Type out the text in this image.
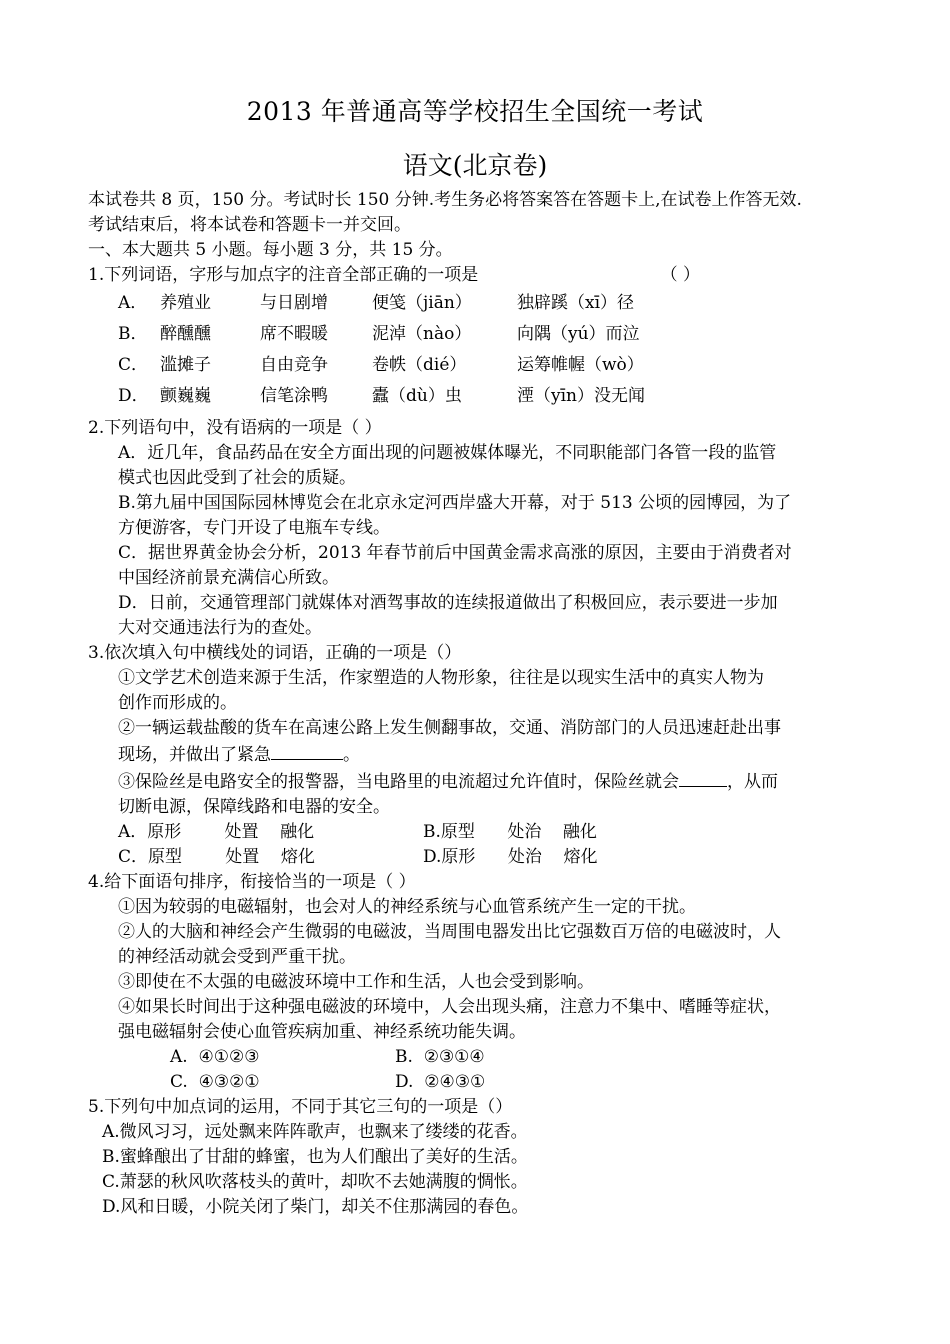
2013 年普通高等学校招生全国统一考试
语文(北京卷)
本试卷共 8 页，150 分。考试时长 150 分钟.考生务必将答案答在答题卡上,在试卷上作答无效.
考试结束后，将本试卷和答题卡一并交回。
一、本大题共 5 小题。每小题 3 分，共 15 分。
1.下列词语，字形与加点字的注音全部正确的一项是	（ ）
A． 养殖业	与日剧增	便笺（jiān）	独辟蹊（xī）径
B． 醉醺醺	席不暇暖	泥淖（nào）	向隅（yú）而泣
C． 滥摊子	自由竞争	卷帙（dié）	运筹帷幄（wò）
D． 颤巍巍	信笔涂鸭	蠹（dù）虫	湮（yīn）没无闻
2.下列语句中，没有语病的一项是（ ）
A．近几年，食品药品在安全方面出现的问题被媒体曝光，不同职能部门各管一段的监管
模式也因此受到了社会的质疑。
B.第九届中国国际园林博览会在北京永定河西岸盛大开幕，对于 513 公顷的园博园，为了
方便游客，专门开设了电瓶车专线。
C．据世界黄金协会分析，2013 年春节前后中国黄金需求高涨的原因，主要由于消费者对
中国经济前景充满信心所致。
D．日前，交通管理部门就媒体对酒驾事故的连续报道做出了积极回应，表示要进一步加
大对交通违法行为的查处。
3.依次填入句中横线处的词语，正确的一项是（）
①文学艺术创造来源于生活，作家塑造的人物形象，往往是以现实生活中的真实人物为
创作而形成的。
②一辆运载盐酸的货车在高速公路上发生侧翻事故，交通、消防部门的人员迅速赶赴出事
现场，并做出了紧急	。
③保险丝是电路安全的报警器，当电路里的电流超过允许值时，保险丝就会	，从而
切断电源，保障线路和电器的安全。
A．原形        处置    融化	B.原型      处治    融化
C．原型        处置    熔化	D.原形      处治    熔化
4.给下面语句排序，衔接恰当的一项是（ ）
①因为较弱的电磁辐射，也会对人的神经系统与心血管系统产生一定的干扰。
②人的大脑和神经会产生微弱的电磁波，当周围电器发出比它强数百万倍的电磁波时，人
的神经活动就会受到严重干扰。
③即使在不太强的电磁波环境中工作和生活，人也会受到影响。
④如果长时间出于这种强电磁波的环境中，人会出现头痛，注意力不集中、嗜睡等症状，
强电磁辐射会使心血管疾病加重、神经系统功能失调。
A.  ④①②③	B.  ②③①④
C.  ④③②①	D.  ②④③①
5.下列句中加点词的运用，不同于其它三句的一项是（）
A.微风习习，远处飘来阵阵歌声，也飘来了缕缕的花香。
B.蜜蜂酿出了甘甜的蜂蜜，也为人们酿出了美好的生活。
C.萧瑟的秋风吹落枝头的黄叶，却吹不去她满腹的惆怅。
D.风和日暖，小院关闭了柴门，却关不住那满园的春色。
